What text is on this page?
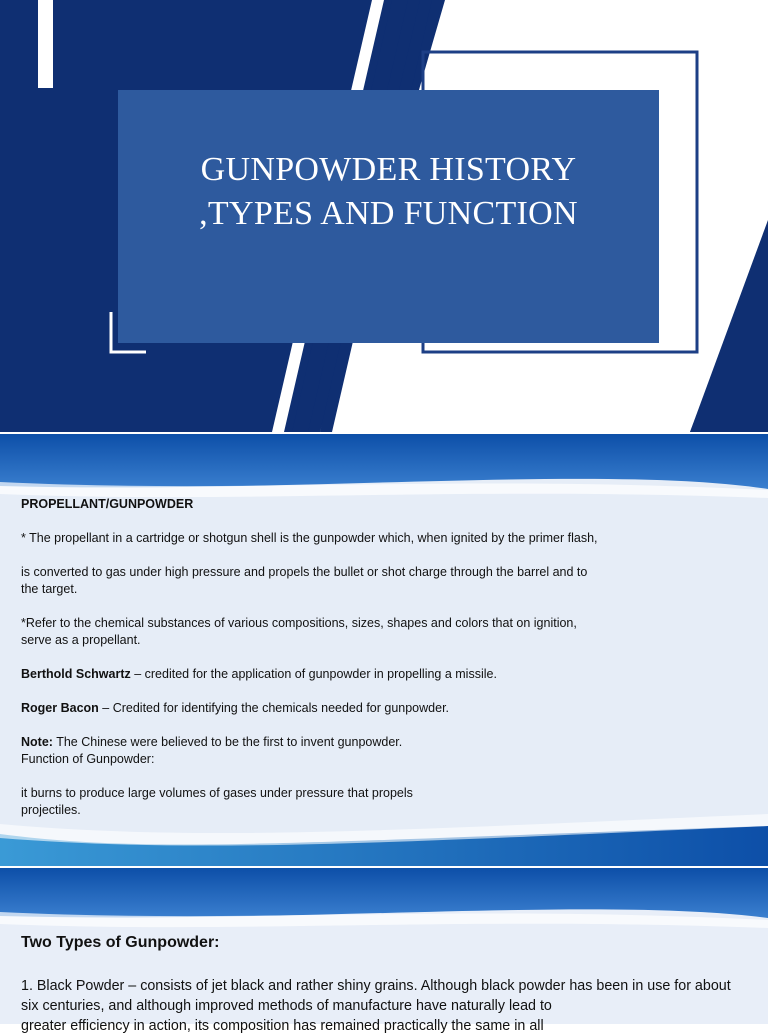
GUNPOWDER HISTORY
,TYPES AND FUNCTION

PROPELLANT/GUNPOWDER

* The propellant in a cartridge or shotgun shell is the gunpowder which, when ignited by the primer flash,

is converted to gas under high pressure and propels the bullet or shot charge through the barrel and to

the target.

*Refer to the chemical substances of various compositions, sizes, shapes and colors that on ignition,

serve as a propellant.

Berthold Schwartz – credited for the application of gunpowder in propelling a missile.

Roger Bacon – Credited for identifying the chemicals needed for gunpowder.

Note: The Chinese were believed to be the first to invent gunpowder.

Function of Gunpowder:

it burns to produce large volumes of gases under pressure that propels

projectiles.

Two Types of Gunpowder:

1. Black Powder – consists of jet black and rather shiny grains. Although black powder has been in use for about

six centuries, and although improved methods of manufacture have naturally lead to

greater efficiency in action, its composition has remained practically the same in all
